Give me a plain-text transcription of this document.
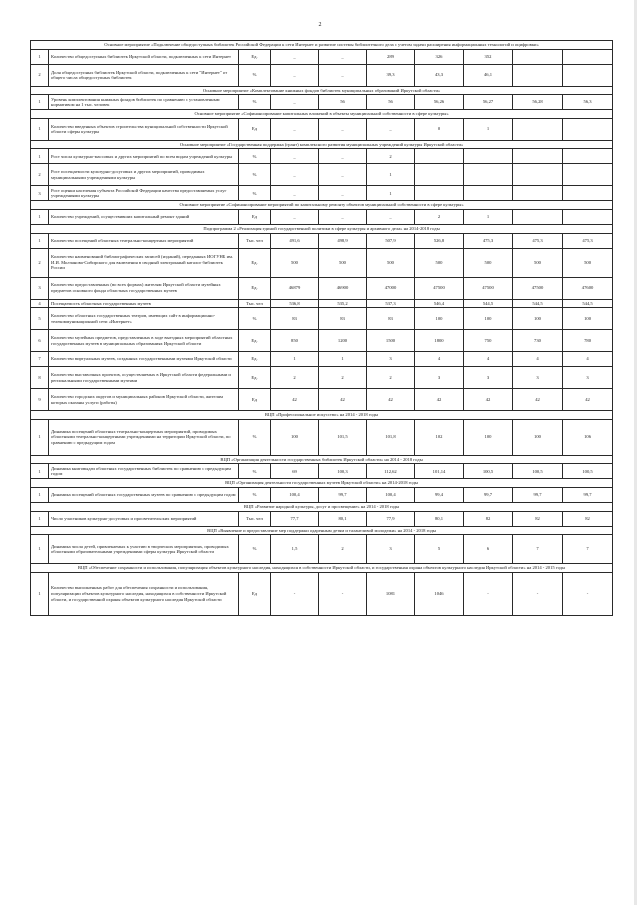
2
Основное мероприятие «Подключение общедоступных библиотек Российской Федерации к сети Интернет и развитие системы библиотечного дела с учетом задачи расширения информационных технологий и оцифровки»									
1	Количество общедоступных библиотек Иркутской области, подключенных к сети Интернет	Ед.	_	_	289	326	352		
2	Доля общедоступных библиотек Иркутской области, подключенных к сети "Интернет" от общего числа общедоступных библиотек	%	_	_	39,3	43,3	46,1		
Основное мероприятие «Комплектование книжных фондов библиотек муниципальных образований Иркутской области»									
1	Уровень комплектования книжных фондов библиотек по сравнению с установленным нормативом на 1 тыс. человек	%	_	56	56	56,26	56,27	56,28	56,3
Основное мероприятие «Софинансирование капитальных вложений в объекты муниципальной собственности в сфере культуры»									
1	Количество введенных объектов строительства муниципальной собственности Иркутской области сферы культуры	Ед	_	_	_	0	1		
Основное мероприятие «Государственная поддержка (грант) комплексного развития муниципальных учреждений культуры Иркутской области»									
1	Рост числа культурно-массовых и других мероприятий по всем видам учреждений культуры	%	_	_	2				
2	Рост посещаемости культурно-досуговых и других мероприятий, проводимых муниципальными учреждениями культуры	%	_	_	1				
3	Рост оценки населения субъекта Российской Федерации качества предоставляемых услуг учреждениями культуры	%	_	_	1				
Основное мероприятие «Софинансирование мероприятий по капитальному ремонту объектов муниципальной собственности в сфере культуры»									
1	Количество учреждений, осуществивших капитальный ремонт зданий	Ед	_	_	_	2	1		
Подпрограмма 2 «Реализация единой государственной политики в сфере культуры и архивного дела» на 2014-2018 годы									
1	Количество посещений областных театрально-концертных мероприятий	Тыс. чел	491,6	498,9	507,9	526,8	475,3	475,3	475,3
2	Количество наименований библиографических записей (изданий), переданных ИОГУНБ им. И.И. Молчанова-Сибирского для включения в сводный электронный каталог библиотек России	Ед.	500	500	500	500	500	500	500
3	Количество предоставленных (во всех формах) жителям Иркутской области музейных предметов основного фонда областных государственных музеев	Ед.	46879	46900	47000	47500	47500	47500	47600
4	Посещаемость областных государственных музеев	Тыс. чел	536,8	535,2	537,3	546,4	544,5	544,5	544,5
5	Количество областных государственных театров, имеющих сайт в информационно-телекоммуникационной сети «Интернет»	%	83	83	83	100	100	100	100
6	Количество музейных предметов, представленных в ходе выездных мероприятий областных государственных музеев в муниципальных образованиях Иркутской области	Ед.	850	1200	1500	1800	750	730	780
7	Количество виртуальных музеев, созданных государственными музеями Иркутской области	Ед.	1	1	3	4	4	4	4
8	Количество выставочных проектов, осуществляемых в Иркутской области федеральными и региональными государственными музеями	Ед.	2	2	2	3	3	3	3
9	Количество городских округов и муниципальных районов Иркутской области, жителям которых оказаны услуги (работы)	Ед	42	42	42	42	42	42	42
ВЦП «Профессиональное искусство» на 2014 - 2018 годы									
1	Динамика посещений областных театрально-концертных мероприятий, проводимых областными театрально-концертными учреждениями на территории Иркутской области, по сравнению с предыдущим годом	%	100	101,5	101,8	102	100	100	106
ВЦП «Организация деятельности государственных библиотек Иркутской области» на 2014 - 2018 годы									
1	Динамика книговыдач областных государственных библиотек по сравнению с предыдущим годом	%	69	100,3	112,62	101,14	100,5	100,5	100,5
ВЦП «Организация деятельности государственных музеев Иркутской области» на 2014-2018 годы									
1	Динамика посещений областных государственных музеев по сравнению с предыдущим годом	%	100,4	99,7	100,4	99,4	99,7	99,7	99,7
ВЦП «Развитие народной культуры, досуг и просвещение» на 2014 - 2018 годы									
1	Число участников культурно-досуговых и просветительских мероприятий	Тыс. чел	77,7	80,1	77,9	80,1	82	82	82
ВЦП «Выявление и предоставление мер поддержки одаренным детям и талантливой молодежи» на 2014 - 2018 годы									
1	Динамика числа детей, привлекаемых к участию в творческих мероприятиях, проводимых областными образовательными учреждениями сферы культуры Иркутской области	%	1,5	2	3	5	6	7	7
ВЦП «Обеспечение сохранности и использования, популяризация объектов культурного наследия, находящихся в собственности Иркутской области, и государственная охрана объектов культурного наследия Иркутской области» на 2014 - 2015 годы									
1	Количество выполненных работ для обеспечения сохранности и использования, популяризации объектов культурного наследия, находящихся в собственности Иркутской области, и государственной охраны объектов культурного наследия Иркутской области	Ед	-	-	1081	1046	-	-	-
